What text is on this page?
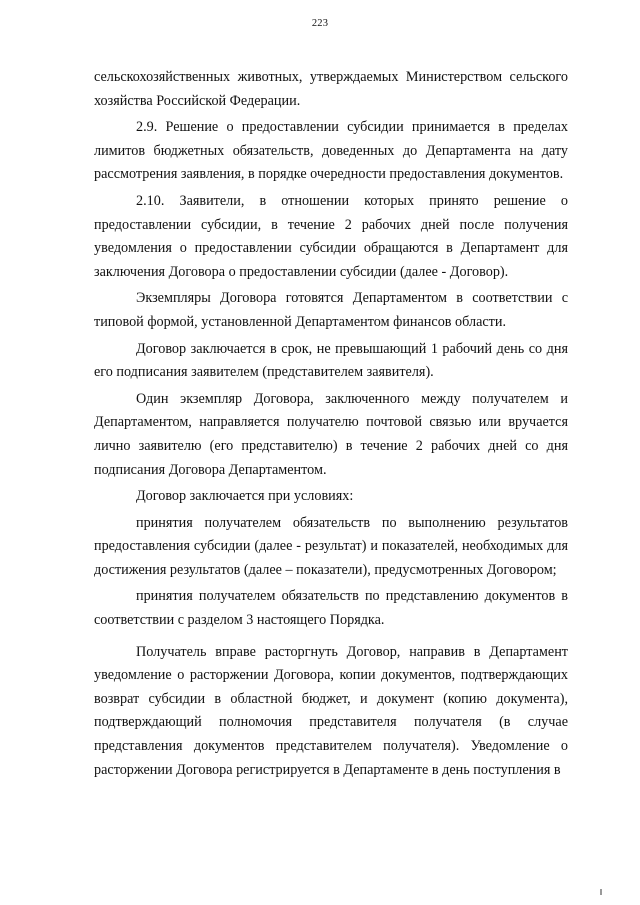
223

сельскохозяйственных животных, утверждаемых Министерством сельского хозяйства Российской Федерации.

2.9. Решение о предоставлении субсидии принимается в пределах лимитов бюджетных обязательств, доведенных до Департамента на дату рассмотрения заявления, в порядке очередности предоставления документов.

2.10. Заявители, в отношении которых принято решение о предоставлении субсидии, в течение 2 рабочих дней после получения уведомления о предоставлении субсидии обращаются в Департамент для заключения Договора о предоставлении субсидии (далее - Договор).

Экземпляры Договора готовятся Департаментом в соответствии с типовой формой, установленной Департаментом финансов области.

Договор заключается в срок, не превышающий 1 рабочий день со дня его подписания заявителем (представителем заявителя).

Один экземпляр Договора, заключенного между получателем и Департаментом, направляется получателю почтовой связью или вручается лично заявителю (его представителю) в течение 2 рабочих дней со дня подписания Договора Департаментом.

Договор заключается при условиях:

принятия получателем обязательств по выполнению результатов предоставления субсидии (далее - результат) и показателей, необходимых для достижения результатов (далее – показатели), предусмотренных Договором;

принятия получателем обязательств по представлению документов в соответствии с разделом 3 настоящего Порядка.

Получатель вправе расторгнуть Договор, направив в Департамент уведомление о расторжении Договора, копии документов, подтверждающих возврат субсидии в областной бюджет, и документ (копию документа), подтверждающий полномочия представителя получателя (в случае представления документов представителем получателя). Уведомление о расторжении Договора регистрируется в Департаменте в день поступления в
